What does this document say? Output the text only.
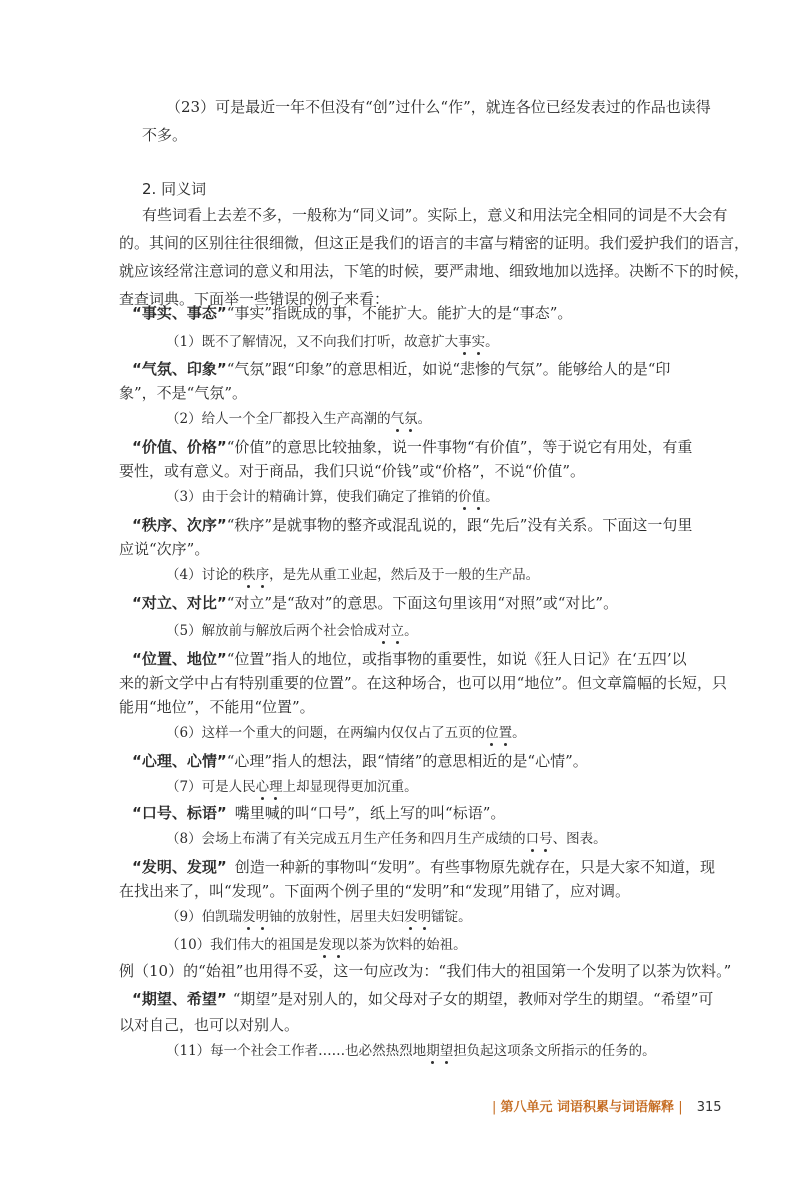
（23）可是最近一年不但没有“创”过什么“作”，就连各位已经发表过的作品也读得
不多。
2. 同义词
有些词看上去差不多，一般称为“同义词”。实际上，意义和用法完全相同的词是不大会有
的。其间的区别往往很细微，但这正是我们的语言的丰富与精密的证明。我们爱护我们的语言，
就应该经常注意词的意义和用法，下笔的时候，要严肃地、细致地加以选择。决断不下的时候，
查查词典。下面举一些错误的例子来看：
“事实、事态”“事实”指既成的事，不能扩大。能扩大的是“事态”。
（1）既不了解情况，又不向我们打听，故意扩大事实。
“气氛、印象”“气氛”跟“印象”的意思相近，如说“悲惨的气氛”。能够给人的是“印
象”，不是“气氛”。
（2）给人一个全厂都投入生产高潮的气氛。
“价值、价格”“价值”的意思比较抽象，说一件事物“有价值”，等于说它有用处，有重
要性，或有意义。对于商品，我们只说“价钱”或“价格”，不说“价值”。
（3）由于会计的精确计算，使我们确定了推销的价值。
“秩序、次序”“秩序”是就事物的整齐或混乱说的，跟“先后”没有关系。下面这一句里
应说“次序”。
（4）讨论的秩序，是先从重工业起，然后及于一般的生产品。
“对立、对比”“对立”是“敌对”的意思。下面这句里该用“对照”或“对比”。
（5）解放前与解放后两个社会恰成对立。
“位置、地位”“位置”指人的地位，或指事物的重要性，如说《狂人日记》在‘五四’以
来的新文学中占有特别重要的位置”。在这种场合，也可以用“地位”。但文章篇幅的长短，只
能用“地位”，不能用“位置”。
（6）这样一个重大的问题，在两编内仅仅占了五页的位置。
“心理、心情”“心理”指人的想法，跟“情绪”的意思相近的是“心情”。
（7）可是人民心理上却显现得更加沉重。
“口号、标语” 嘴里喊的叫“口号”，纸上写的叫“标语”。
（8）会场上布满了有关完成五月生产任务和四月生产成绩的口号、图表。
“发明、发现” 创造一种新的事物叫“发明”。有些事物原先就存在，只是大家不知道，现
在找出来了，叫“发现”。下面两个例子里的“发明”和“发现”用错了，应对调。
（9）伯凯瑞发明铀的放射性，居里夫妇发明镭锭。
（10）我们伟大的祖国是发现以茶为饮料的始祖。
例（10）的“始祖”也用得不妥，这一句应改为：“我们伟大的祖国第一个发明了以茶为饮料。”
“期望、希望” “期望”是对别人的，如父母对子女的期望，教师对学生的期望。“希望”可
以对自己，也可以对别人。
（11）每一个社会工作者……也必然热烈地期望担负起这项条文所指示的任务的。
| 第八单元 词语积累与词语解释 | 315
